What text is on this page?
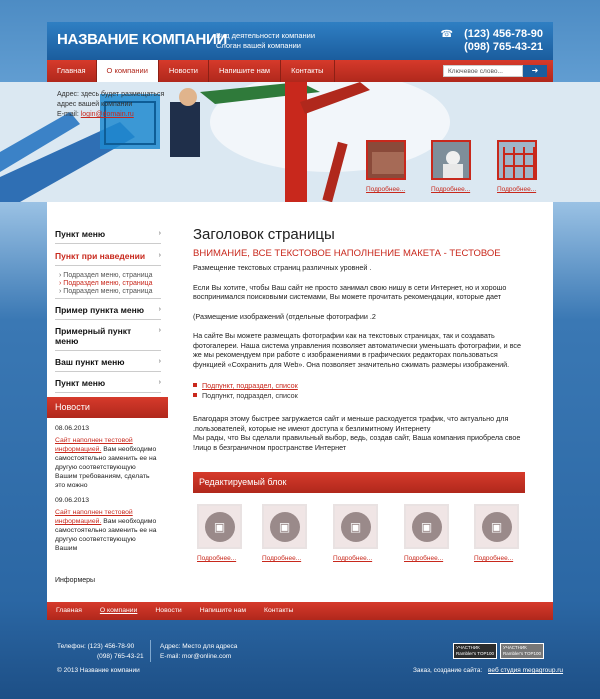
НАЗВАНИЕ КОМПАНИИ
Вид деятельности компании
Слоган вашей компании
☎ (123) 456-78-90
(098) 765-43-21
Главная	О компании	Новости	Напишите нам	Контакты	Ключевое слово...	➜
Адрес: здесь будет размещаться
адрес вашей компании
E-mail: login@domain.ru
Подробнее...	Подробнее...	Подробнее...
Пункт меню	›
Пункт при наведении ›
› Подраздел меню, страница
› Подраздел меню, страница
› Подраздел меню, страница
Пример пункта меню ›
Примерный пункт
меню
›
Ваш пункт меню	›
Пункт меню	›
Новости
08.06.2013
Сайт наполнен тестовой
информацией. Вам необходимо самостоятельно заменить ее на другую соответствующую Вашим требованиям, сделать это можно
09.06.2013
Сайт наполнен тестовой
информацией. Вам необходимо самостоятельно заменить ее на другую соответствующую Вашим
Информеры
Заголовок страницы
ВНИМАНИЕ, ВСЕ ТЕКСТОВОЕ НАПОЛНЕНИЕ МАКЕТА - ТЕСТОВОЕ
Размещение текстовых страниц различных уровней .
Если Вы хотите, чтобы Ваш сайт не просто занимал свою нишу в сети Интернет, но и хорошо воспринимался поисковыми системами, Вы можете прочитать рекомендации, которые дает
(Размещение изображений (отдельные фотографии .2
На сайте Вы можете размещать фотографии как на текстовых страницах, так и создавать фотогалереи. Наша система управления позволяет автоматически уменьшать фотографии, и все же мы рекомендуем при работе с изображениями в графических редакторах пользоваться функцией «Сохранить для Web». Она позволяет значительно сжимать размеры изображений.
Подпункт, подраздел, список
Подпункт, подраздел, список
Благодаря этому быстрее загружается сайт и меньше расходуется трафик, что актуально для .пользователей, которые не имеют доступа к безлимитному Интернету
Мы рады, что Вы сделали правильный выбор, ведь, создав сайт, Ваша компания приобрела свое !лицо в безграничном пространстве Интернет
Редактируемый блок
▣
Подробнее...
▣
Подробнее...
▣
Подробнее...
▣
Подробнее...
▣
Подробнее...
Главная	О компании	Новости	Напишите нам	Контакты
Телефон: (123) 456-78-90
(098) 765-43-21
Адрес: Место для адреса
E-mail: mor@online.com
УЧАСТНИК Rambler's TOP100
УЧАСТНИК Rambler's TOP100
© 2013 Название компании	Заказ, создание сайта: веб студия megagroup.ru
